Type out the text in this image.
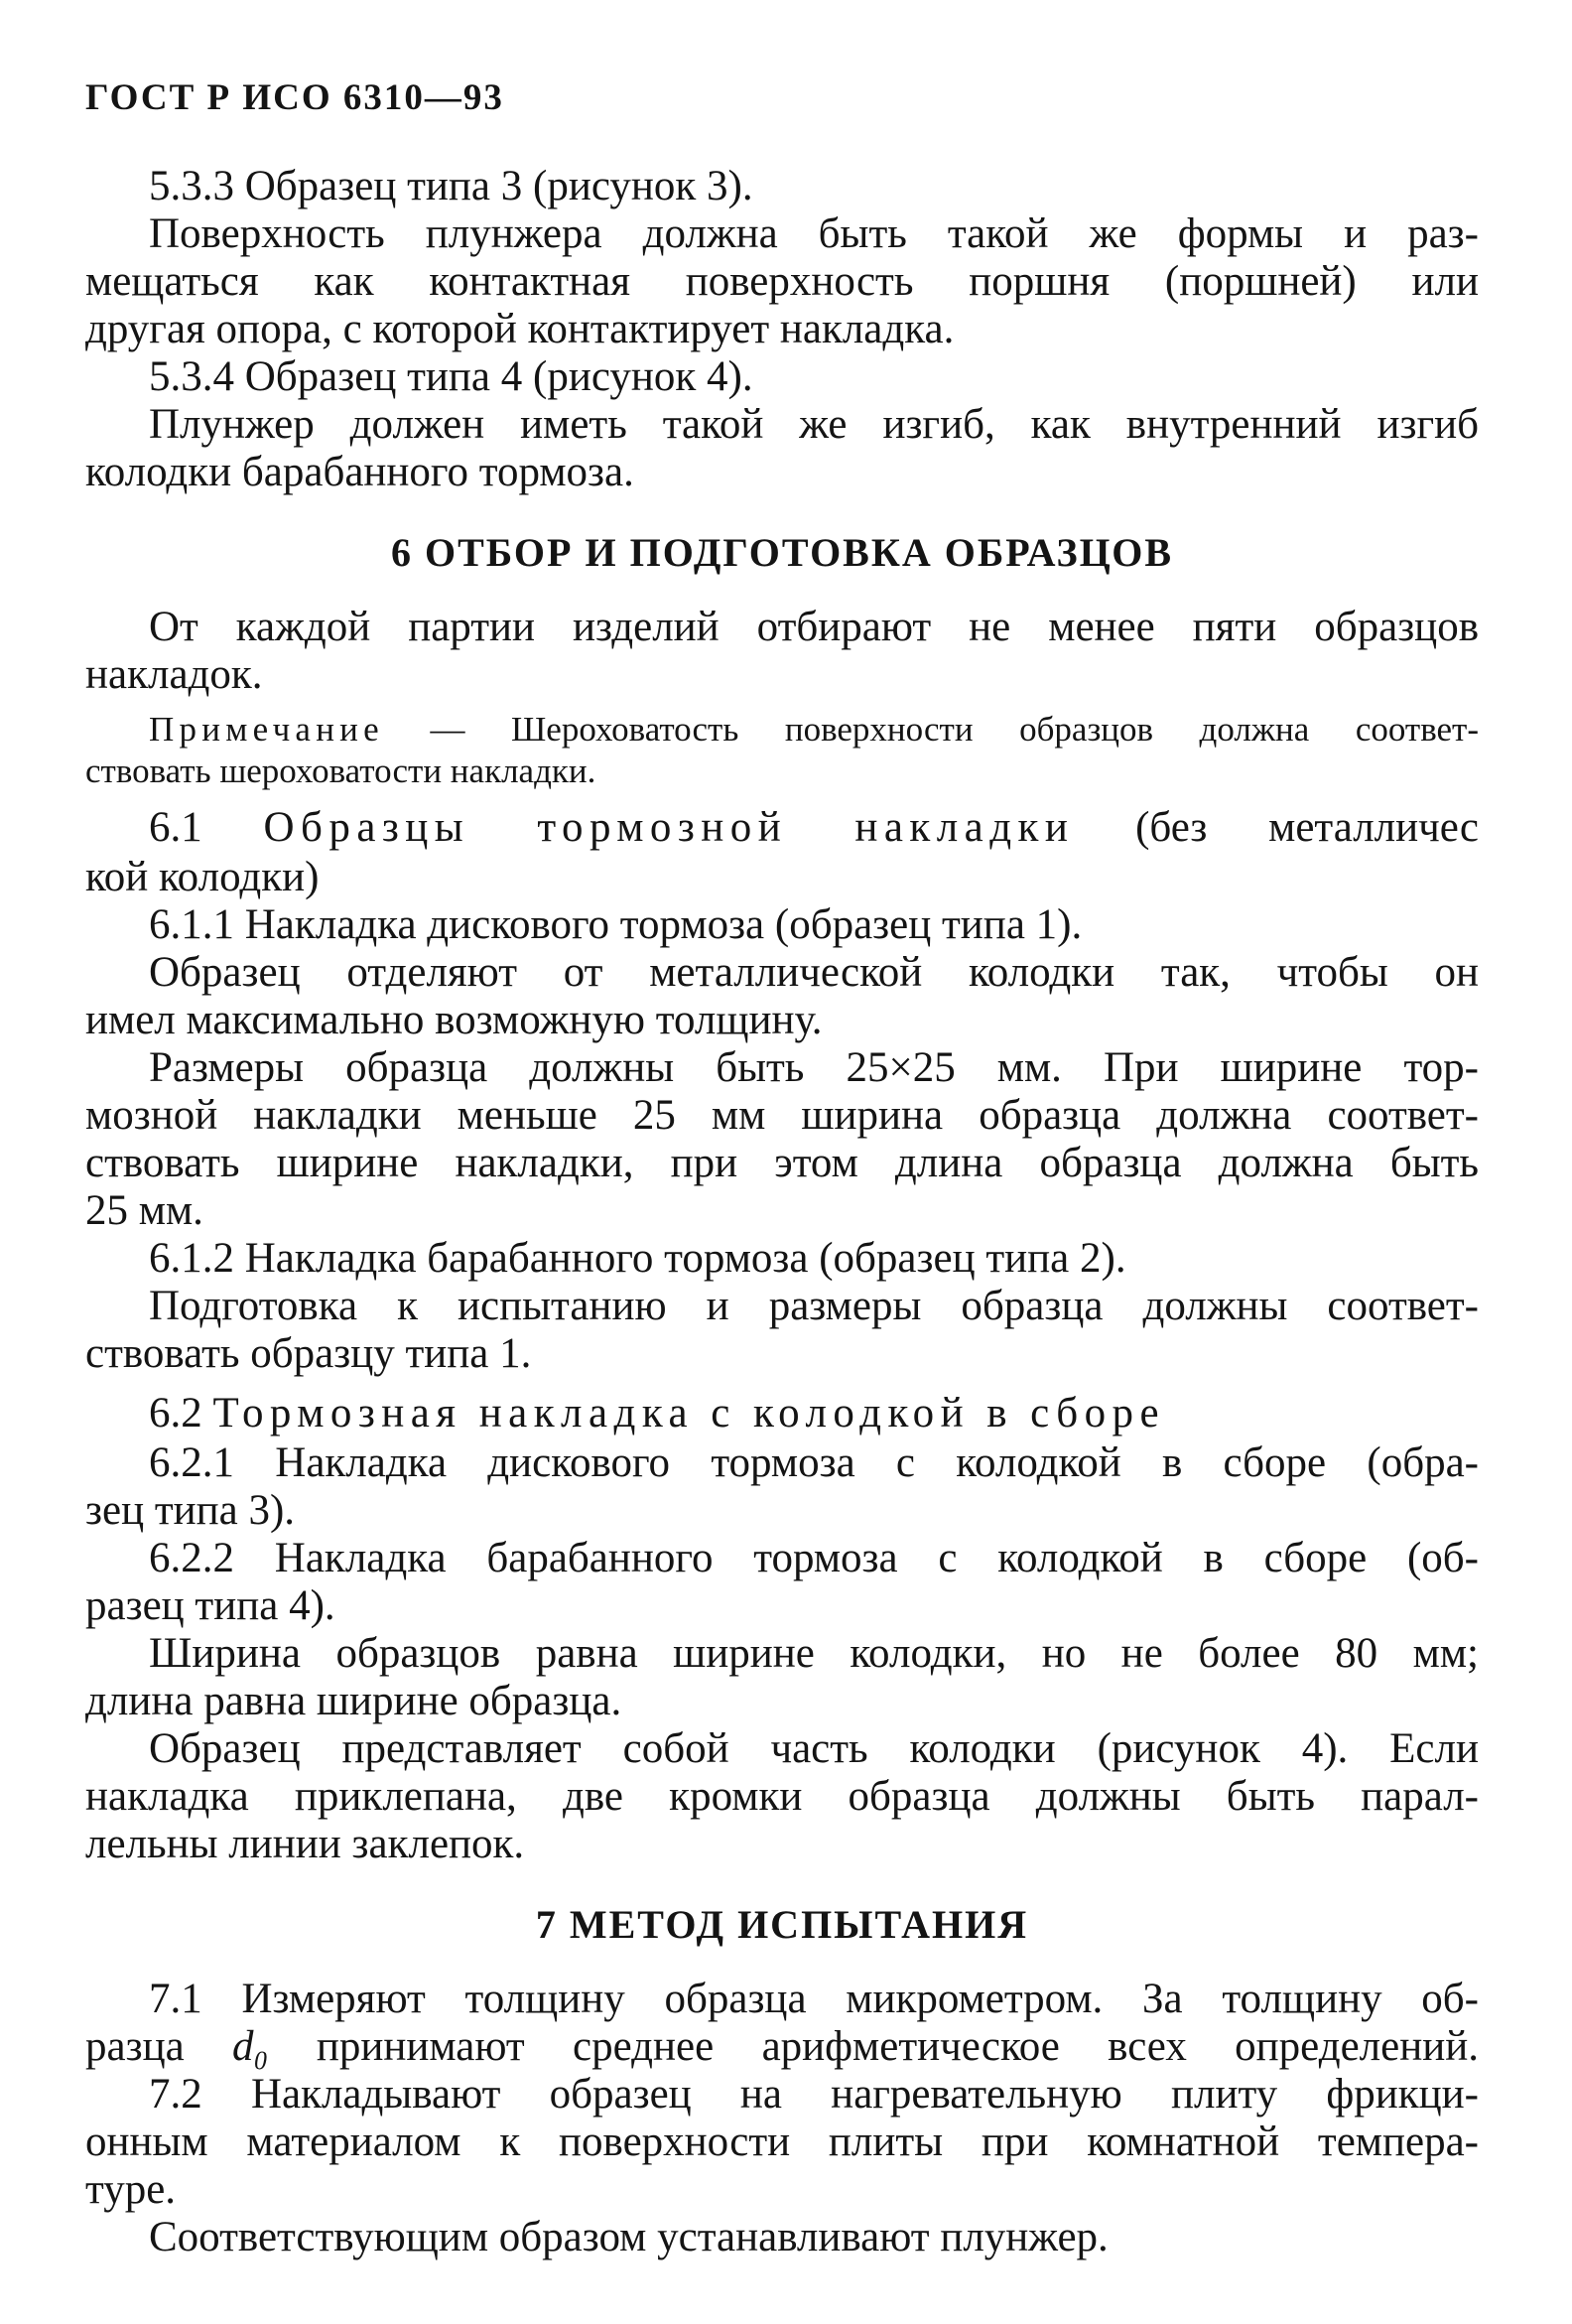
ГОСТ Р ИСО 6310—93
5.3.3 Образец типа 3 (рисунок 3).
Поверхность плунжера должна быть такой же формы и раз-
мещаться как контактная поверхность поршня (поршней) или
другая опора, с которой контактирует накладка.
5.3.4 Образец типа 4 (рисунок 4).
Плунжер должен иметь такой же изгиб, как внутренний изгиб
колодки барабанного тормоза.
6 ОТБОР И ПОДГОТОВКА ОБРАЗЦОВ
От каждой партии изделий отбирают не менее пяти образцов
накладок.
Примечание — Шероховатость поверхности образцов должна соответ-
ствовать шероховатости накладки.
6.1 Образцы тормозной накладки (без металличес
кой колодки)
6.1.1 Накладка дискового тормоза (образец типа 1).
Образец отделяют от металлической колодки так, чтобы он
имел максимально возможную толщину.
Размеры образца должны быть 25×25 мм. При ширине тор-
мозной накладки меньше 25 мм ширина образца должна соответ-
ствовать ширине накладки, при этом длина образца должна быть
25 мм.
6.1.2 Накладка барабанного тормоза (образец типа 2).
Подготовка к испытанию и размеры образца должны соответ-
ствовать образцу типа 1.
6.2 Тормозная накладка с колодкой в сборе
6.2.1 Накладка дискового тормоза с колодкой в сборе (обра-
зец типа 3).
6.2.2 Накладка барабанного тормоза с колодкой в сборе (об-
разец типа 4).
Ширина образцов равна ширине колодки, но не более 80 мм;
длина равна ширине образца.
Образец представляет собой часть колодки (рисунок 4). Если
накладка приклепана, две кромки образца должны быть парал-
лельны линии заклепок.
7 МЕТОД ИСПЫТАНИЯ
7.1 Измеряют толщину образца микрометром. За толщину об-
разца d₀ принимают среднее арифметическое всех определений.
7.2 Накладывают образец на нагревательную плиту фрикци-
онным материалом к поверхности плиты при комнатной темпера-
туре.
Соответствующим образом устанавливают плунжер.
